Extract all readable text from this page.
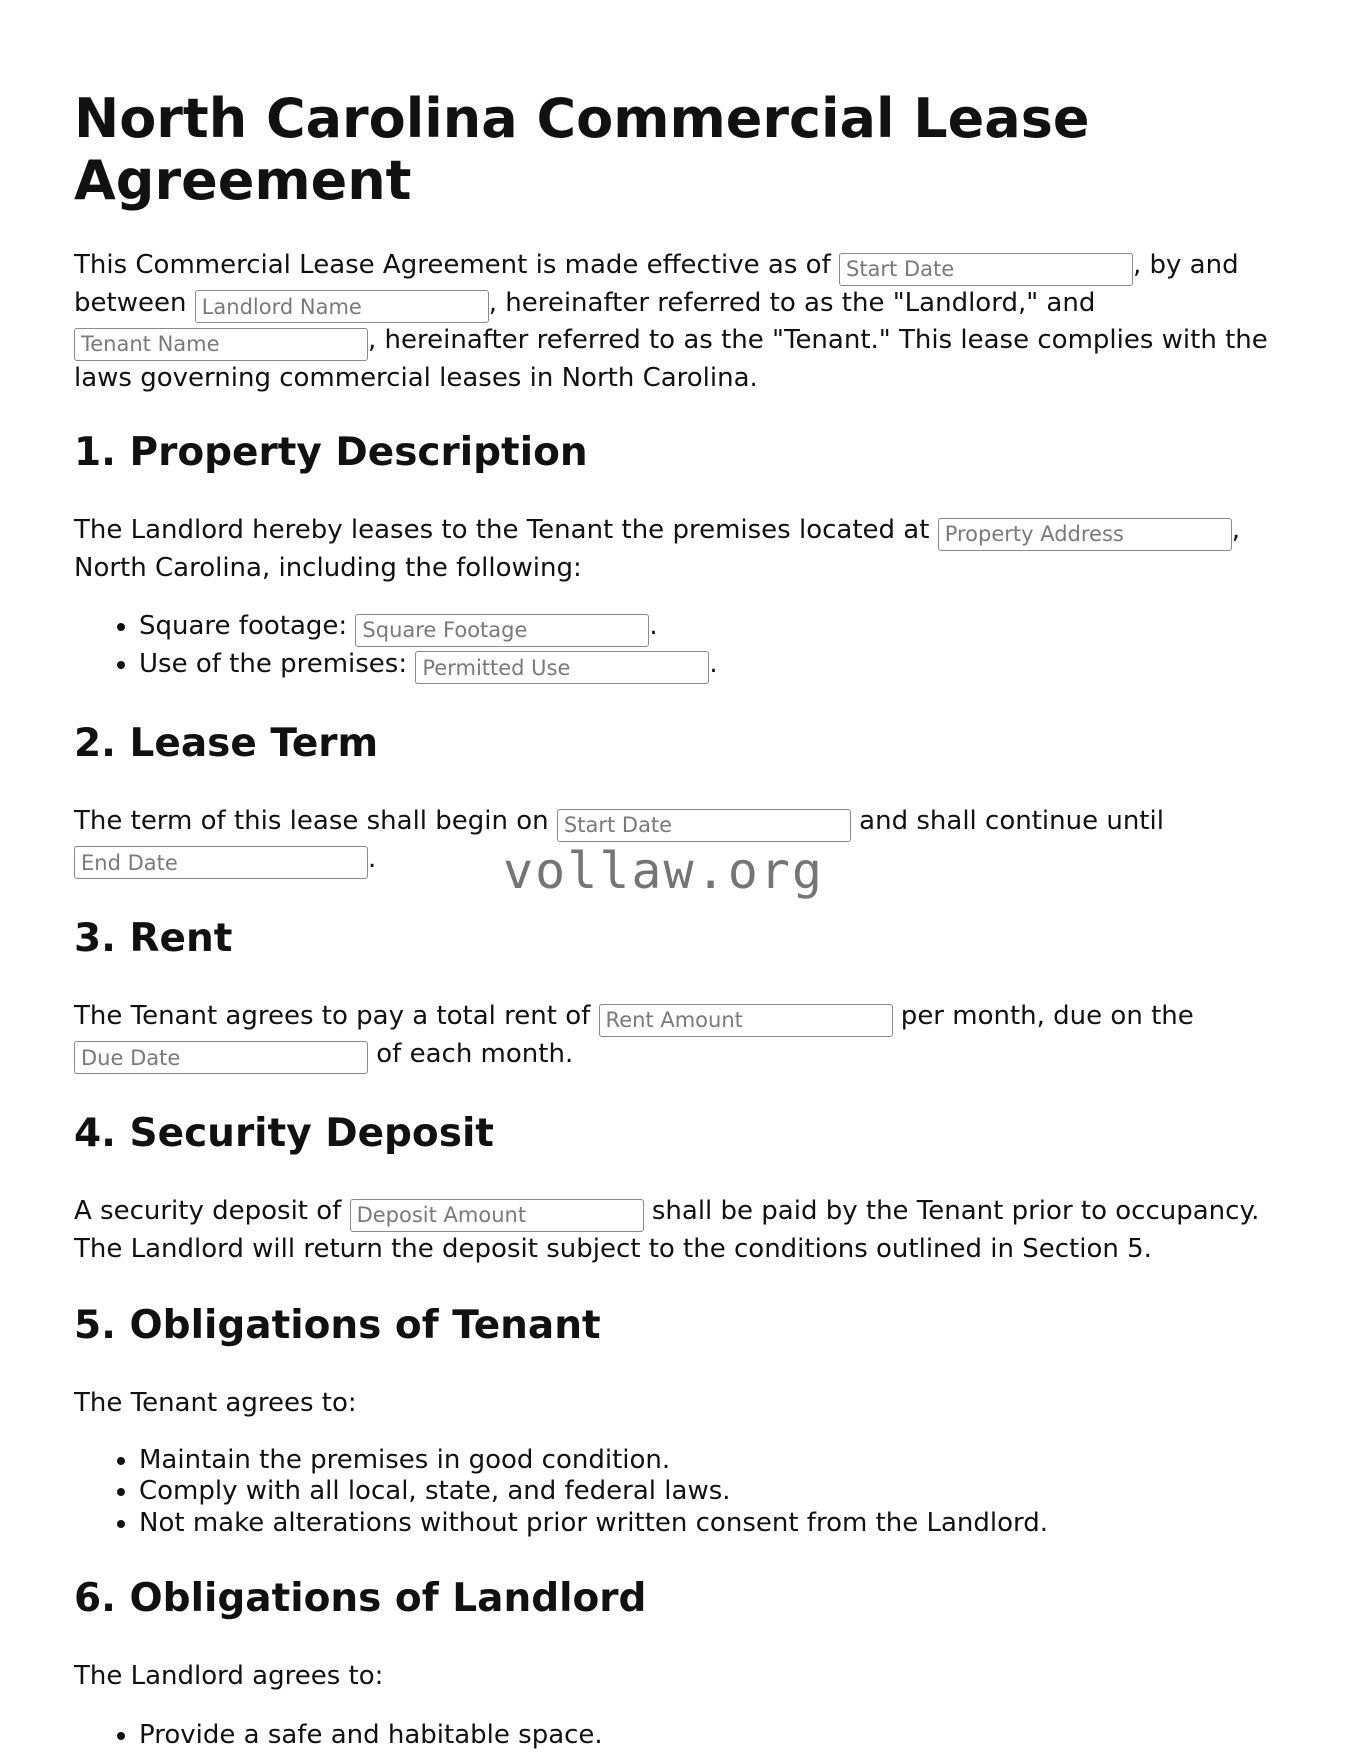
North Carolina Commercial Lease Agreement

This Commercial Lease Agreement is made effective as of Start Date	, by and between Landlord Name	, hereinafter referred to as the "Landlord," and Tenant Name, hereinafter referred to as the "Tenant." This lease complies with the laws governing commercial leases in North Carolina.

1. Property Description

The Landlord hereby leases to the Tenant the premises located at Property Address	, North Carolina, including the following:

• Square footage: Square Footage	.
• Use of the premises: Permitted Use	.
2. Lease Term

The term of this lease shall begin on Start Date	and shall continue until End Date.

3. Rent

The Tenant agrees to pay a total rent of Rent Amount	per month, due on the Due Date of each month.

4. Security Deposit

A security deposit of Deposit Amount	shall be paid by the Tenant prior to occupancy. The Landlord will return the deposit subject to the conditions outlined in Section 5.

5. Obligations of Tenant

The Tenant agrees to:

• Maintain the premises in good condition.
• Comply with all local, state, and federal laws.
• Not make alterations without prior written consent from the Landlord.
6. Obligations of Landlord

The Landlord agrees to:

• Provide a safe and habitable space.
vollaw.org
